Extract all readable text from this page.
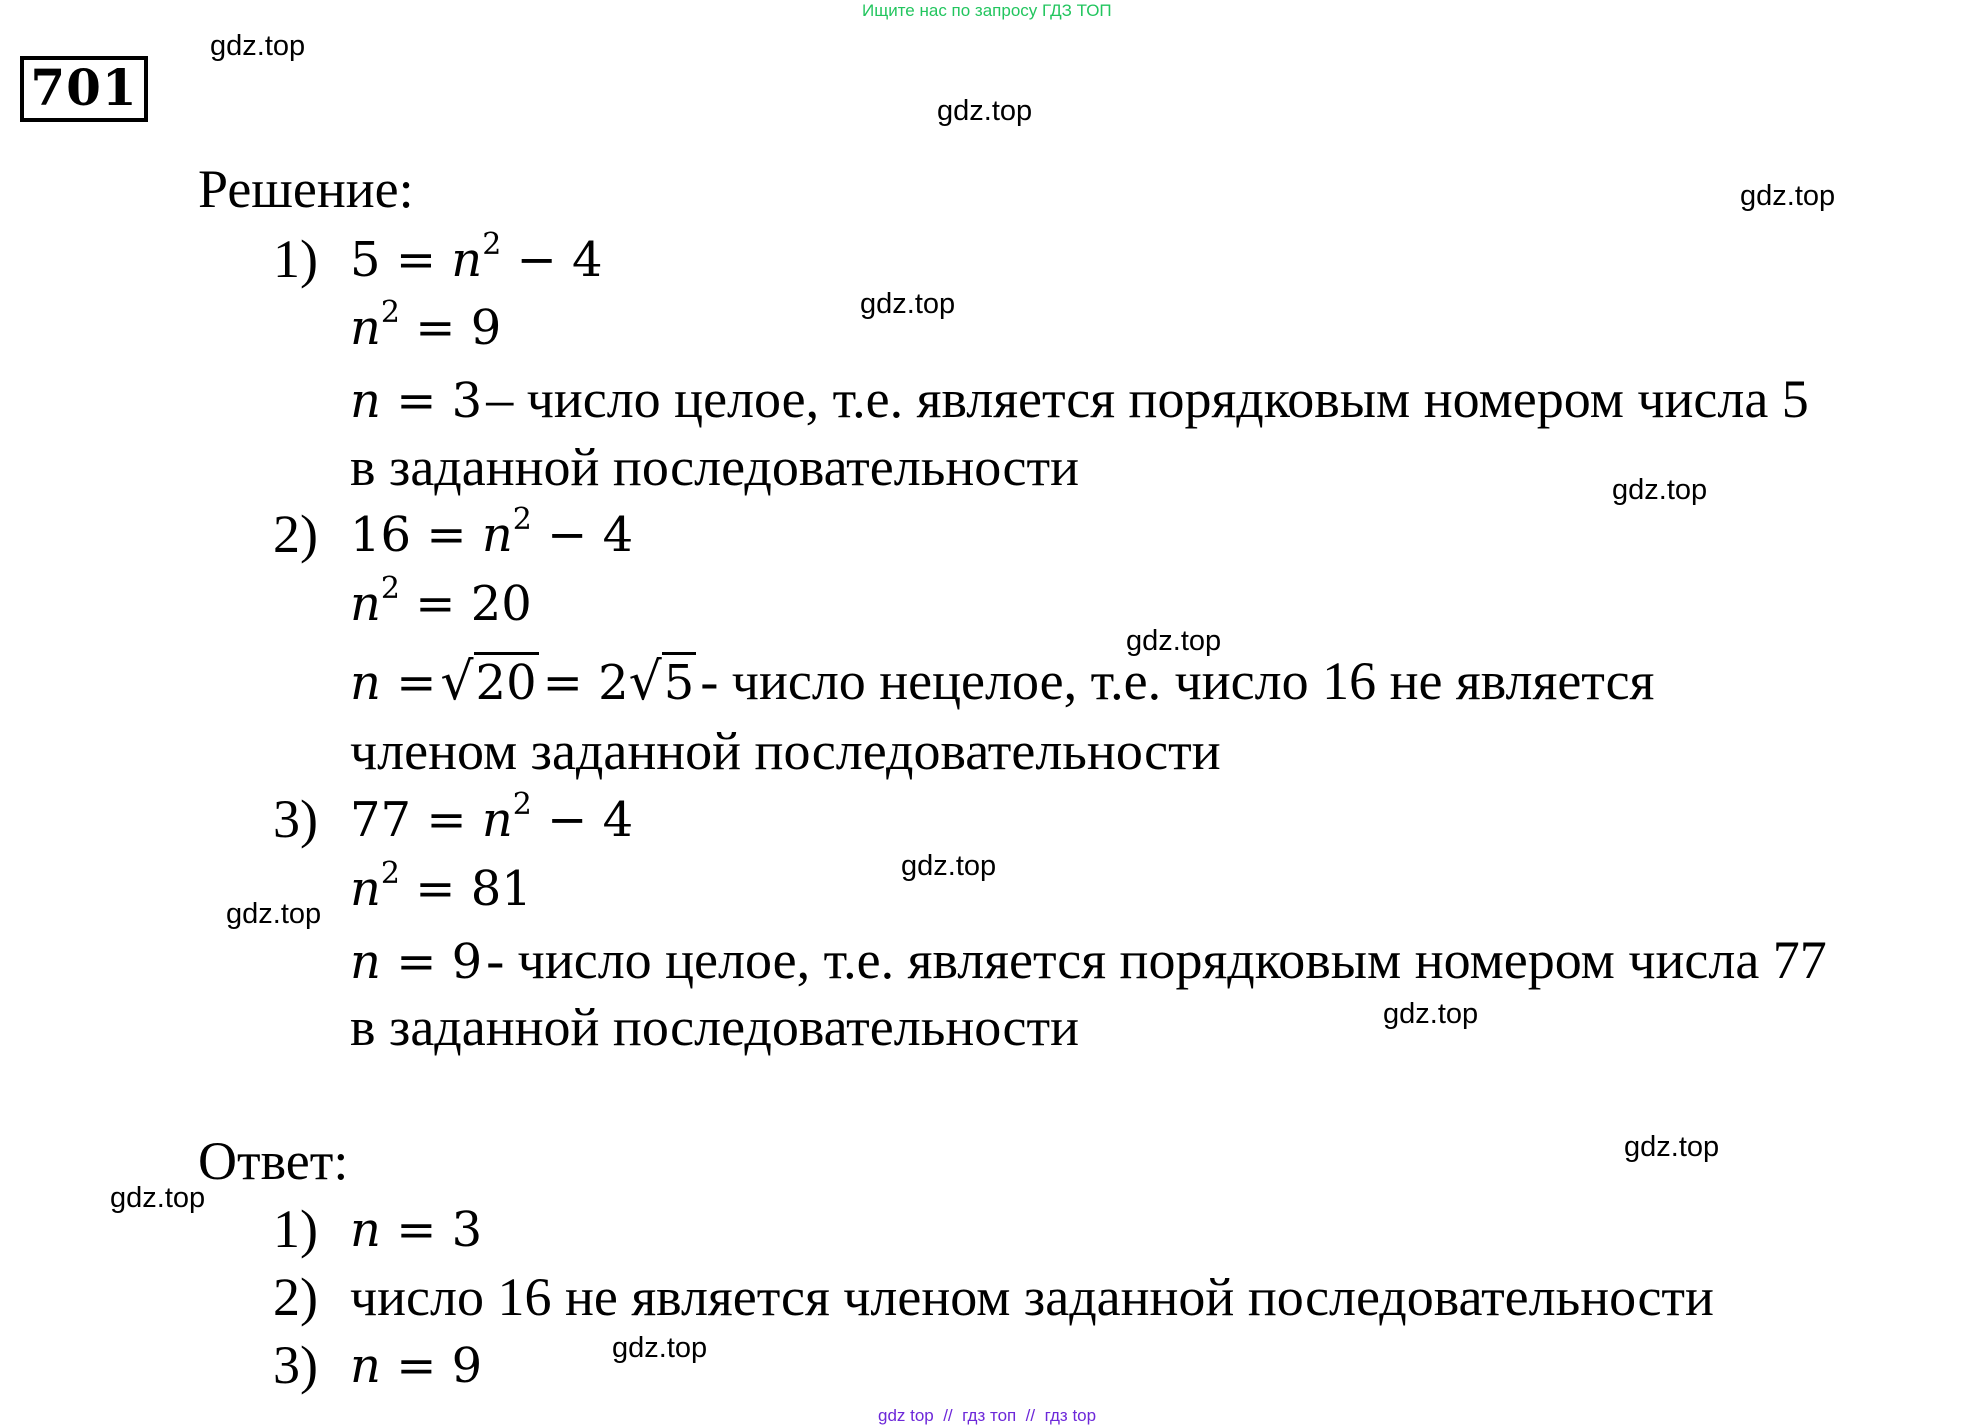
Ищите нас по запросу ГДЗ ТОП
701
Решение:
1) $5 = n^2 - 4$
$n^2 = 9$
n = 3 – число целое, т.е. является порядковым номером числа 5
в заданной последовательности
2) $16 = n^2 - 4$
$n^2 = 20$
n = √20 = 2√5 - число нецелое, т.е. число 16 не является
членом заданной последовательности
3) $77 = n^2 - 4$
$n^2 = 81$
n = 9 - число целое, т.е. является порядковым номером числа 77
в заданной последовательности
Ответ:
1) n = 3
2) число 16 не является членом заданной последовательности
3) n = 9
gdz.top
gdz.top
gdz.top
gdz.top
gdz.top
gdz.top
gdz.top
gdz.top
gdz.top
gdz.top
gdz.top
gdz.top
gdz top  //  гдз топ  //  гдз top
